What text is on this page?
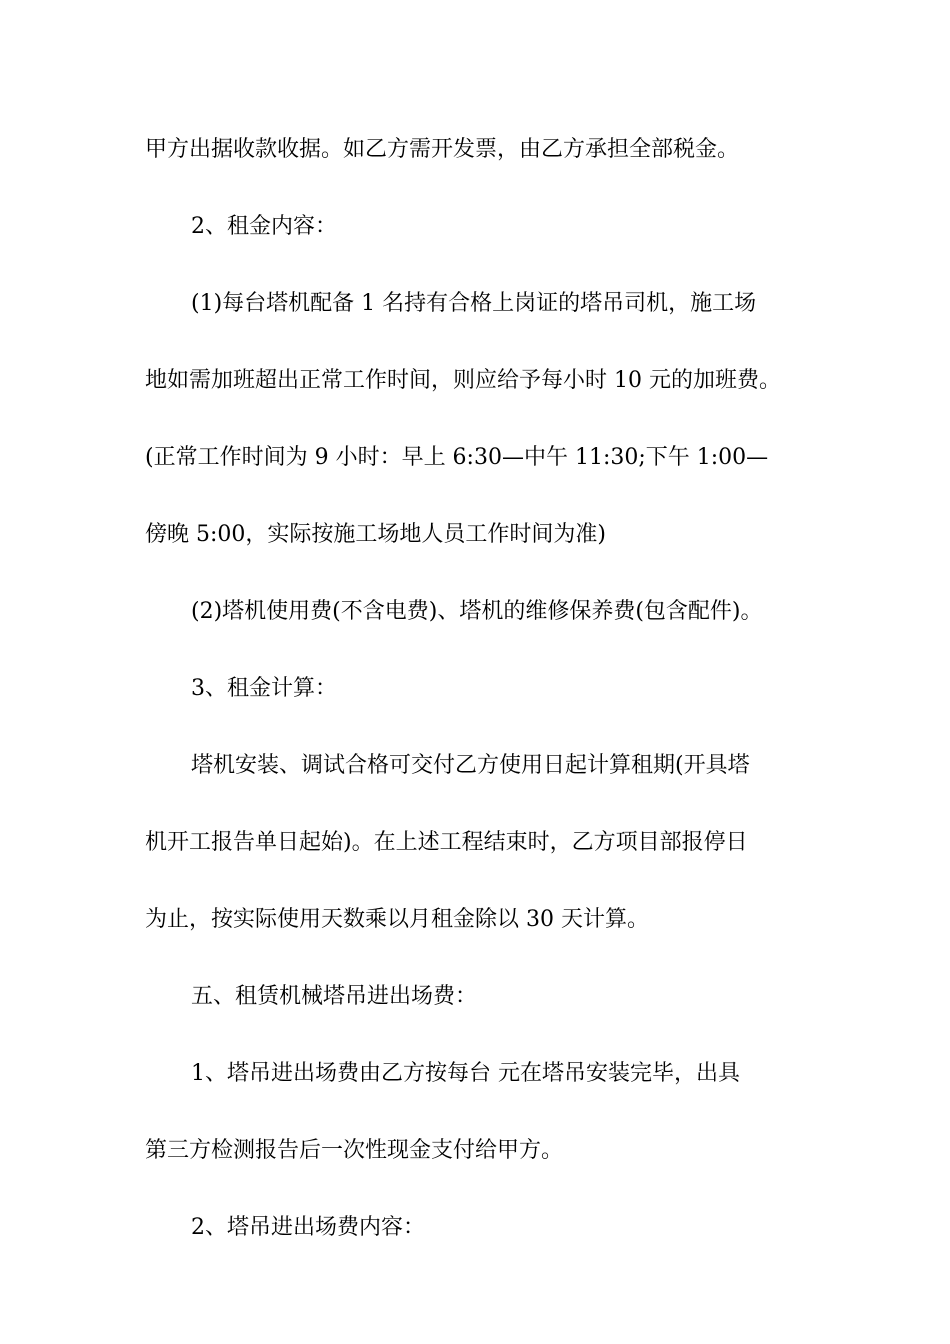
甲方出据收款收据。如乙方需开发票，由乙方承担全部税金。
2、租金内容：
(1)每台塔机配备 1 名持有合格上岗证的塔吊司机，施工场
地如需加班超出正常工作时间，则应给予每小时 10 元的加班费。
(正常工作时间为 9 小时：早上 6:30—中午 11:30;下午 1:00—
傍晚 5:00，实际按施工场地人员工作时间为准)
(2)塔机使用费(不含电费)、塔机的维修保养费(包含配件)。
3、租金计算：
塔机安装、调试合格可交付乙方使用日起计算租期(开具塔
机开工报告单日起始)。在上述工程结束时，乙方项目部报停日
为止，按实际使用天数乘以月租金除以 30 天计算。
五、租赁机械塔吊进出场费：
1、塔吊进出场费由乙方按每台 元在塔吊安装完毕，出具
第三方检测报告后一次性现金支付给甲方。
2、塔吊进出场费内容：
